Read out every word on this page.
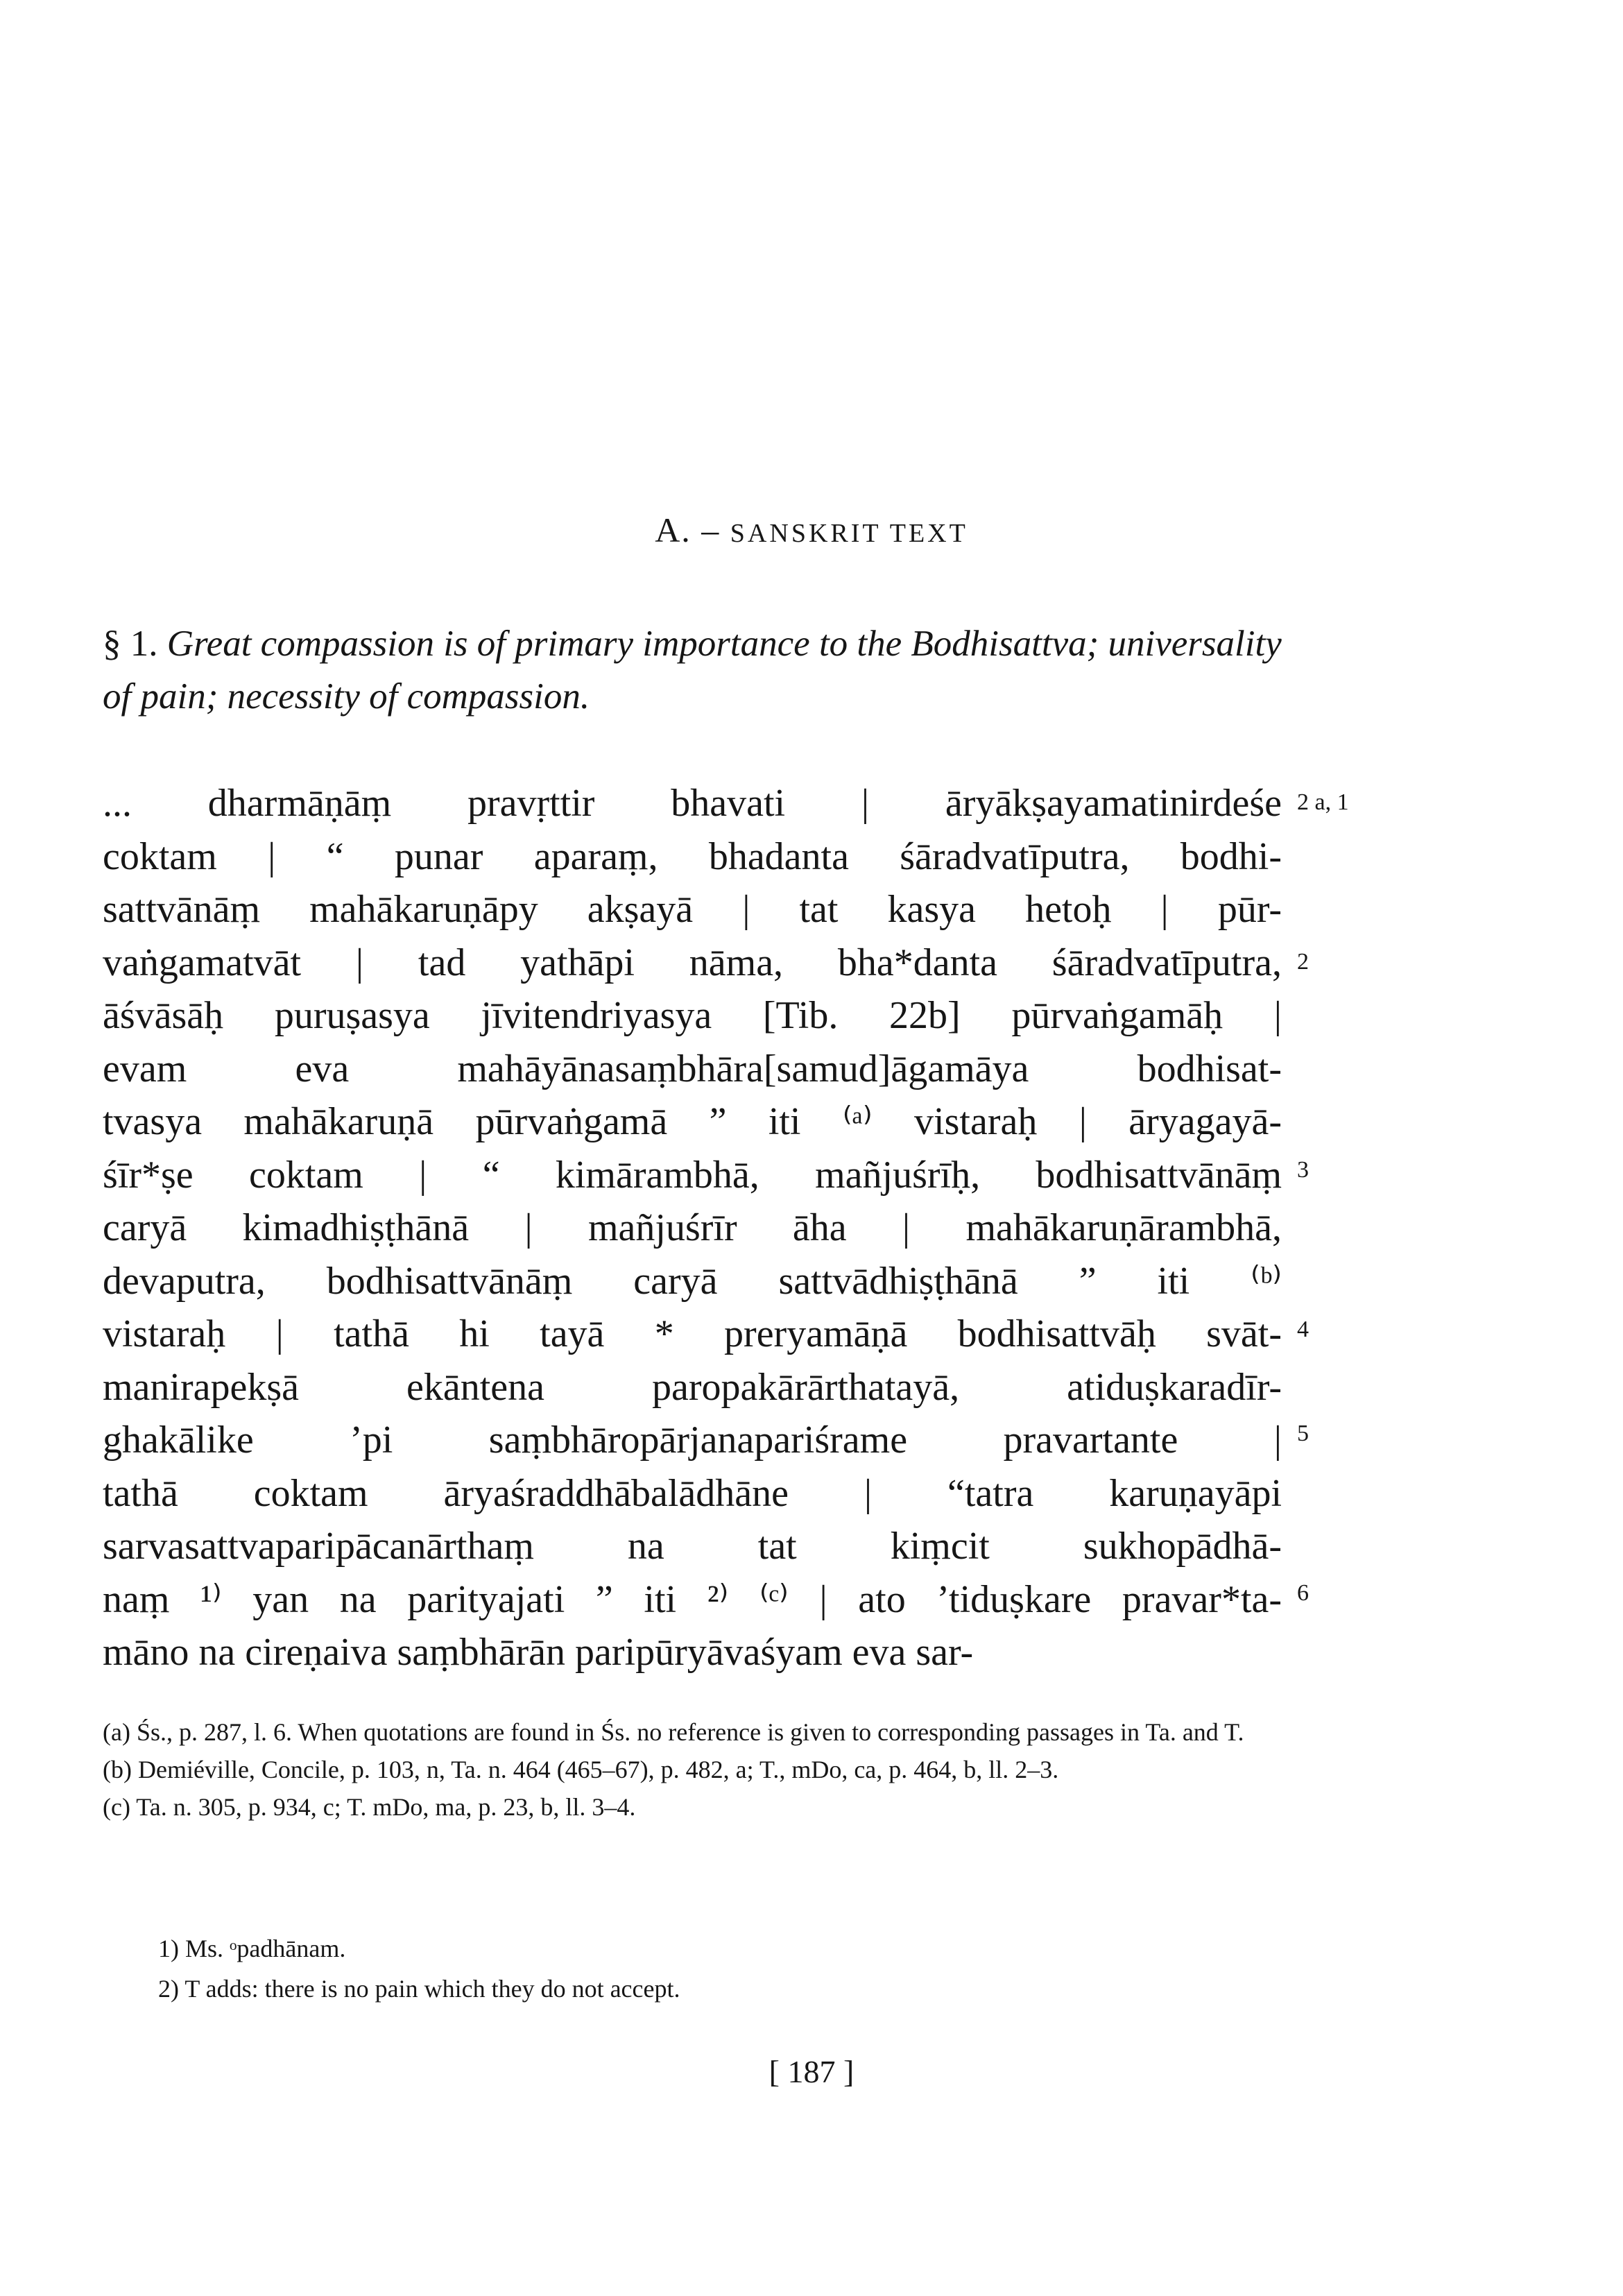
A. – SANSKRIT TEXT
§ 1. Great compassion is of primary importance to the Bodhisattva; universality of pain; necessity of compassion.
... dharmāṇāṃ pravṛttir bhavati | āryākṣayamatinirdeśe
coktam | “ punar aparaṃ, bhadanta śāradvatīputra, bodhi-
sattvānāṃ mahākaruṇāpy akṣayā | tat kasya hetoḥ | pūr-
vaṅgamatvāt | tad yathāpi nāma, bha*danta śāradvatīputra,
āśvāsāḥ puruṣasya jīvitendriyasya [Tib. 22b] pūrvaṅgamāḥ |
evam eva mahāyānasaṃbhāra[samud]āgamāya bodhisat-
tvasya mahākaruṇā pūrvaṅgamā ” iti ⁽ᵃ⁾ vistaraḥ | āryagayā-
śīr*ṣe coktam | “ kimārambhā, mañjuśrīḥ, bodhisattvānāṃ
caryā kimadhiṣṭhānā | mañjuśrīr āha | mahākaruṇārambhā,
devaputra, bodhisattvānāṃ caryā sattvādhiṣṭhānā ” iti ⁽ᵇ⁾
vistaraḥ | tathā hi tayā * preryamāṇā bodhisattvāḥ svāt-
manirapekṣā ekāntena paropakārārthatayā, atiduṣkaradīr-
ghakālike ’pi saṃbhāropārjanapariśrame pravartante |
tathā coktam āryaśraddhābalādhāne | “tatra karuṇayāpi
sarvasattvaparipācanārthaṃ na tat kiṃcit sukhopādhā-
naṃ ¹⁾ yan na parityajati ” iti ²⁾ ⁽ᶜ⁾ | ato ’tiduṣkare pravar*ta-
māno na cireṇaiva saṃbhārān paripūryāvaśyam eva sar-
2 a, 1
2
3
4
5
6
(a) Śs., p. 287, l. 6. When quotations are found in Śs. no reference is given to corresponding passages in Ta. and T.
(b) Demiéville, Concile, p. 103, n, Ta. n. 464 (465–67), p. 482, a; T., mDo, ca, p. 464, b, ll. 2–3.
(c) Ta. n. 305, p. 934, c; T. mDo, ma, p. 23, b, ll. 3–4.
1) Ms. ᵒpadhānam.
2) T adds: there is no pain which they do not accept.
[ 187 ]
